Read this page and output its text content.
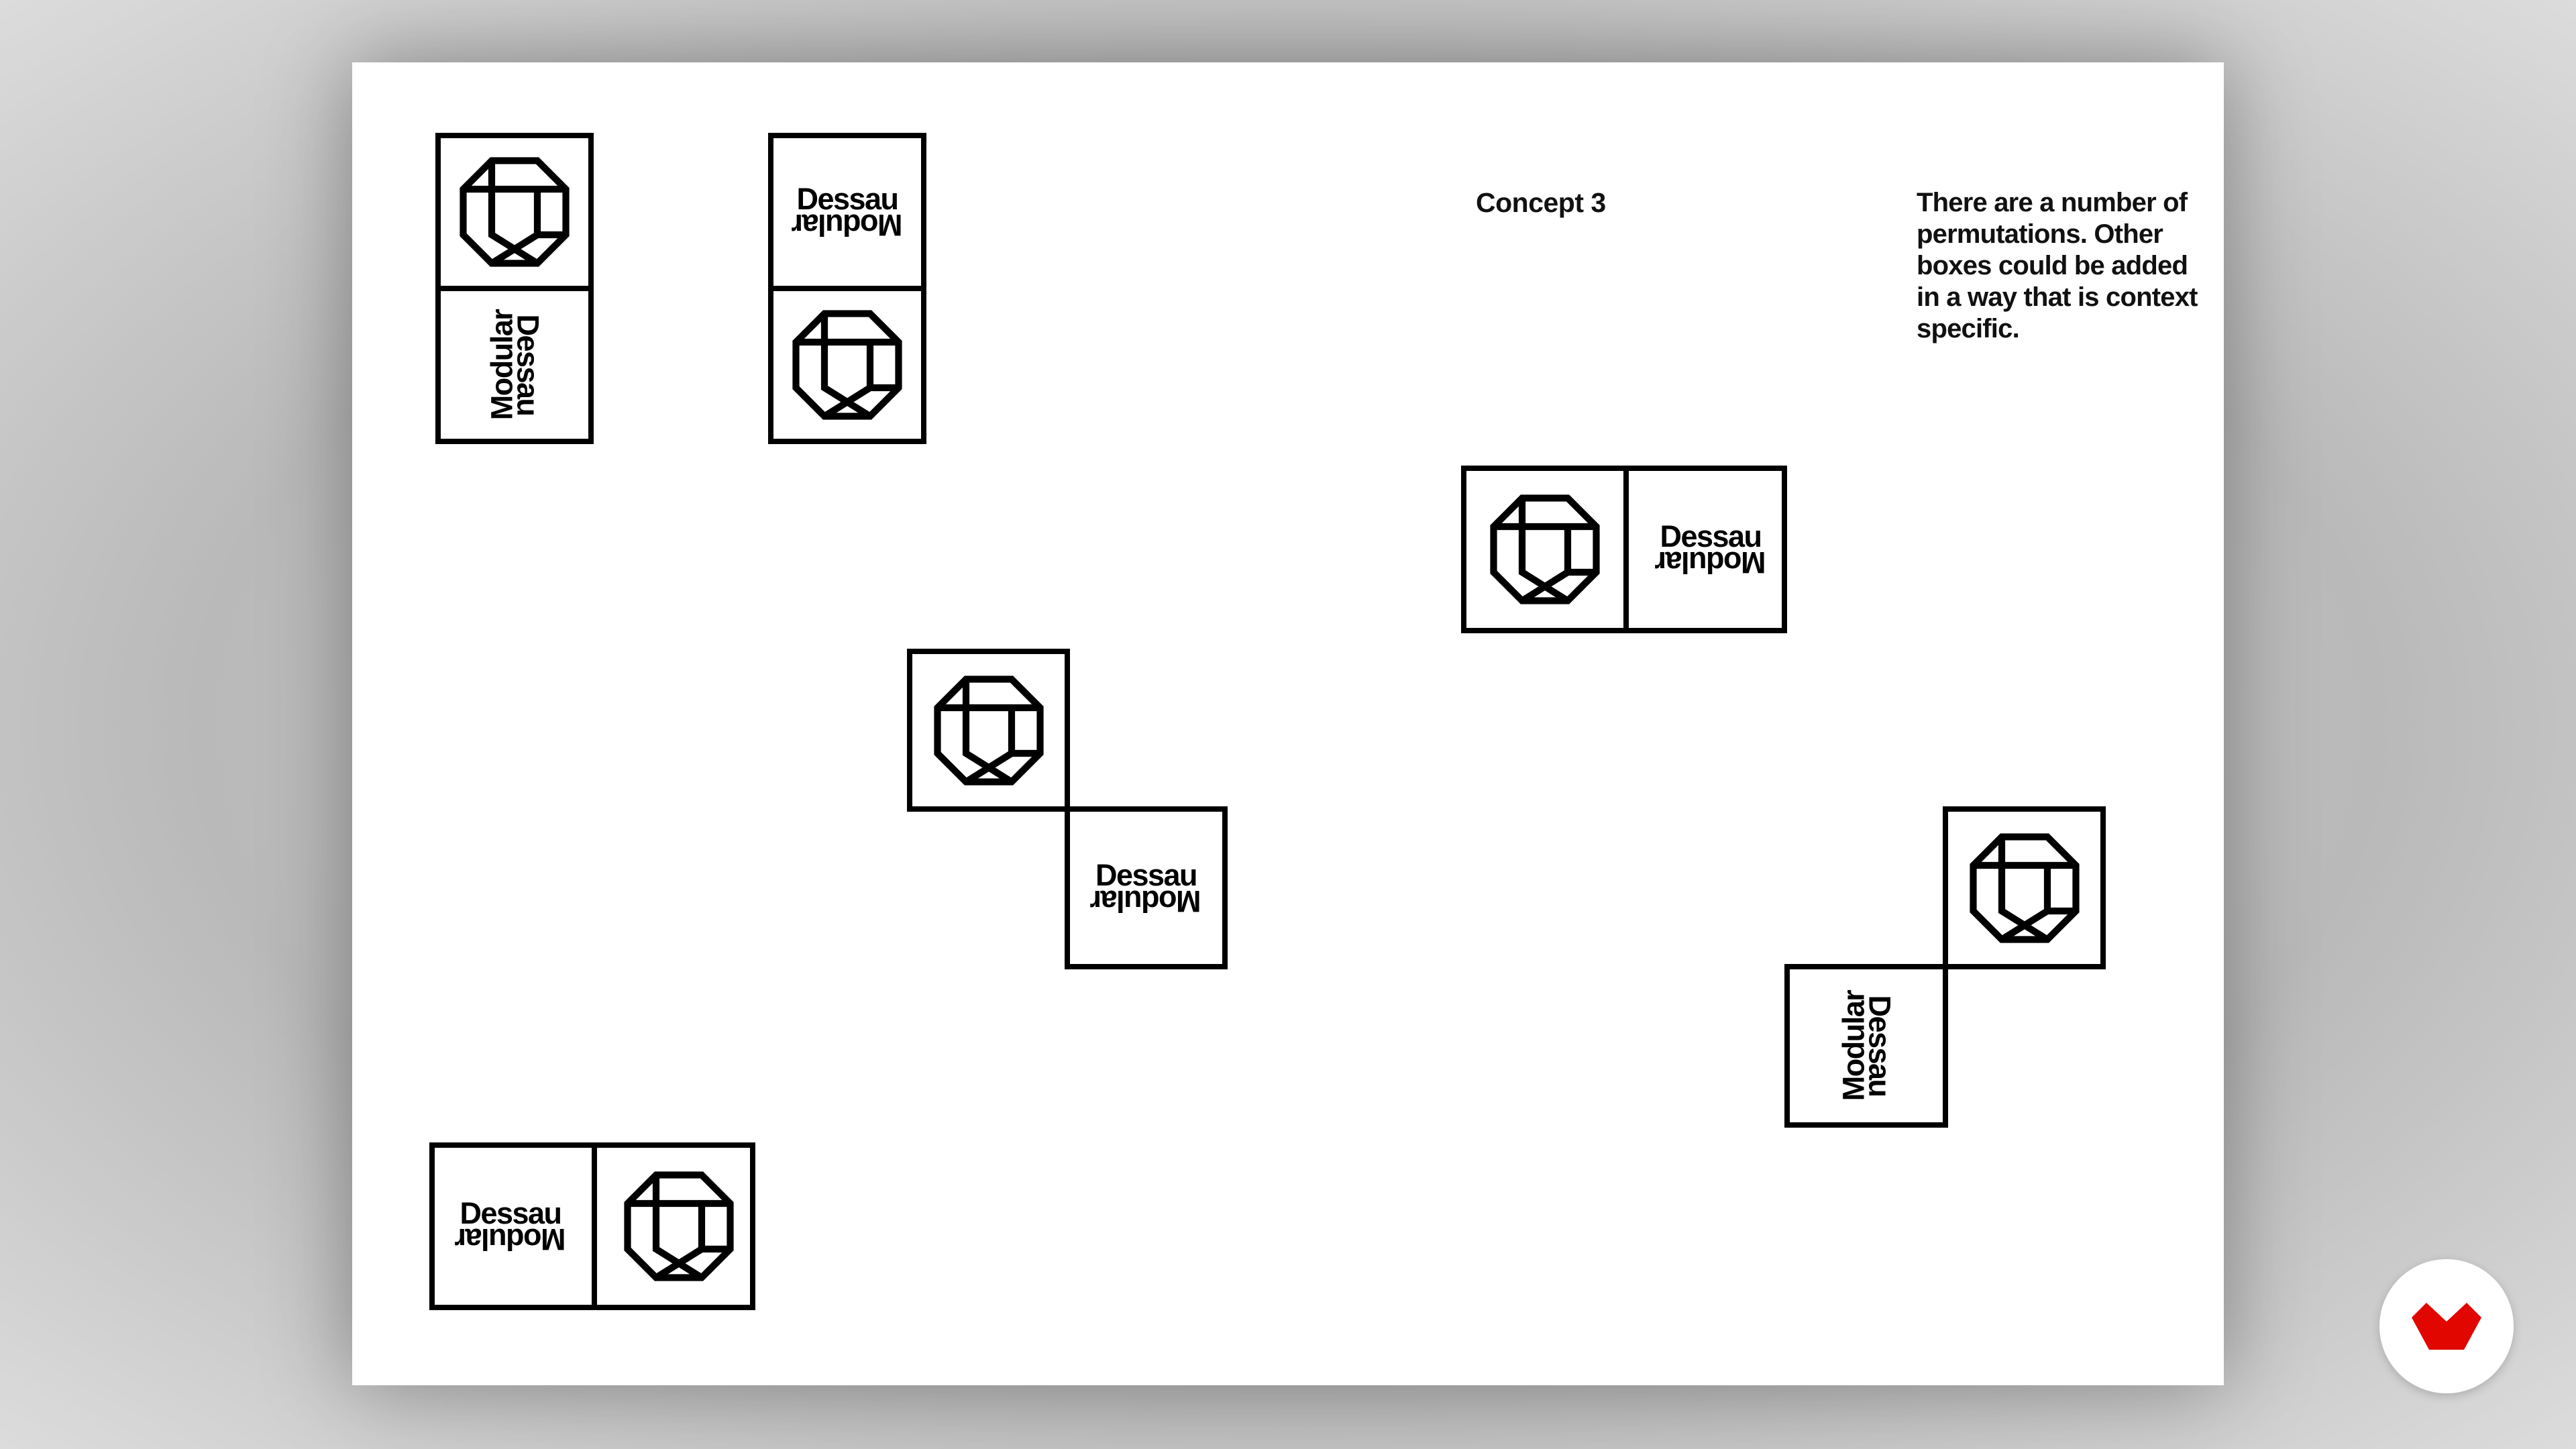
Concept 3	There are a number of permutations. Other boxes could be added in a way that is context specific.
Dessau
Modular
Dessau
Modular
Dessau
Modular
Dessau
Modular
Dessau
Modular
Dessau
Modular
